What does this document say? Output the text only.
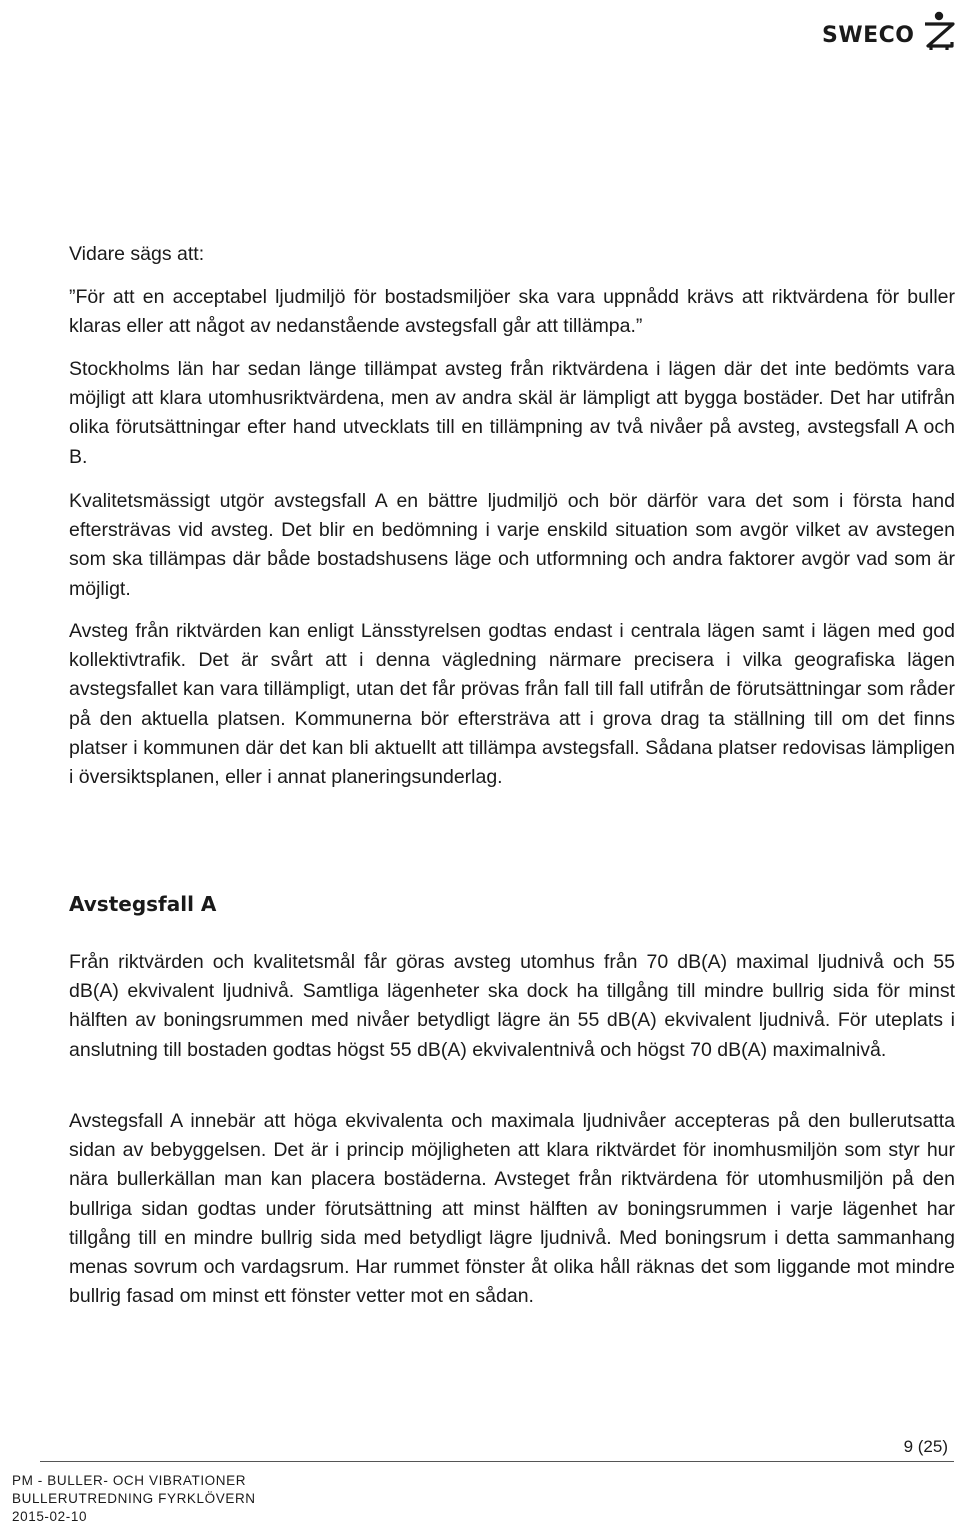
SWECO

Vidare sägs att:

”För att en acceptabel ljudmiljö för bostadsmiljöer ska vara uppnådd krävs att riktvärdena för buller klaras eller att något av nedanstående avstegsfall går att tillämpa.”

Stockholms län har sedan länge tillämpat avsteg från riktvärdena i lägen där det inte bedömts vara möjligt att klara utomhusriktvärdena, men av andra skäl är lämpligt att bygga bostäder. Det har utifrån olika förutsättningar efter hand utvecklats till en tillämpning av två nivåer på avsteg, avstegsfall A och B.

Kvalitetsmässigt utgör avstegsfall A en bättre ljudmiljö och bör därför vara det som i första hand eftersträvas vid avsteg. Det blir en bedömning i varje enskild situation som avgör vilket av avstegen som ska tillämpas där både bostadshusens läge och utformning och andra faktorer avgör vad som är möjligt.

Avsteg från riktvärden kan enligt Länsstyrelsen godtas endast i centrala lägen samt i lägen med god kollektivtrafik. Det är svårt att i denna vägledning närmare precisera i vilka geografiska lägen avstegsfallet kan vara tillämpligt, utan det får prövas från fall till fall utifrån de förutsättningar som råder på den aktuella platsen. Kommunerna bör eftersträva att i grova drag ta ställning till om det finns platser i kommunen där det kan bli aktuellt att tillämpa avstegsfall. Sådana platser redovisas lämpligen i översiktsplanen, eller i annat planeringsunderlag.

Avstegsfall A

Från riktvärden och kvalitetsmål får göras avsteg utomhus från 70 dB(A) maximal ljudnivå och 55 dB(A) ekvivalent ljudnivå. Samtliga lägenheter ska dock ha tillgång till mindre bullrig sida för minst hälften av boningsrummen med nivåer betydligt lägre än 55 dB(A) ekvivalent ljudnivå. För uteplats i anslutning till bostaden godtas högst 55 dB(A) ekvivalentnivå och högst 70 dB(A) maximalnivå.

Avstegsfall A innebär att höga ekvivalenta och maximala ljudnivåer accepteras på den bullerutsatta sidan av bebyggelsen. Det är i princip möjligheten att klara riktvärdet för inomhusmiljön som styr hur nära bullerkällan man kan placera bostäderna. Avsteget från riktvärdena för utomhusmiljön på den bullriga sidan godtas under förutsättning att minst hälften av boningsrummen i varje lägenhet har tillgång till en mindre bullrig sida med betydligt lägre ljudnivå. Med boningsrum i detta sammanhang menas sovrum och vardagsrum. Har rummet fönster åt olika håll räknas det som liggande mot mindre bullrig fasad om minst ett fönster vetter mot en sådan.

9 (25)
PM - BULLER- OCH VIBRATIONER
BULLERUTREDNING FYRKLÖVERN
2015-02-10
